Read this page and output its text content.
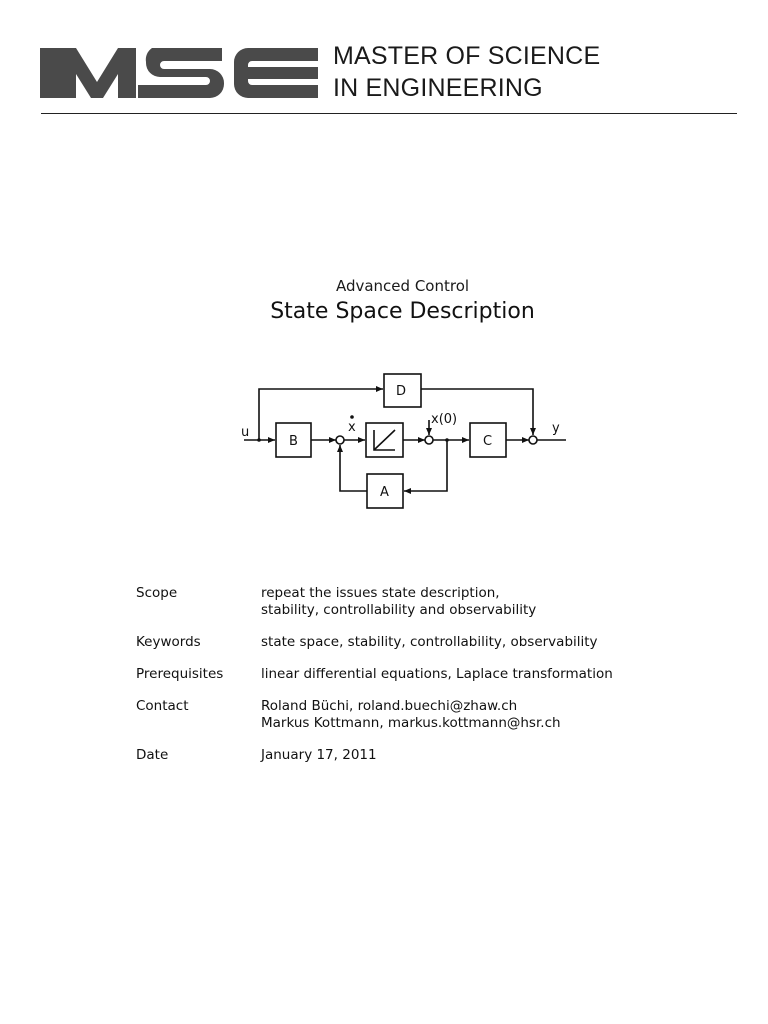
MASTER OF SCIENCE
IN ENGINEERING
Advanced Control
State Space Description
D
B	C
A
u	y
x
x(0)
Scope	repeat the issues state description,
stability, controllability and observability
Keywords	state space, stability, controllability, observability
Prerequisites	linear differential equations, Laplace transformation
Contact	Roland Büchi, roland.buechi@zhaw.ch
Markus Kottmann, markus.kottmann@hsr.ch
Date	January 17, 2011
